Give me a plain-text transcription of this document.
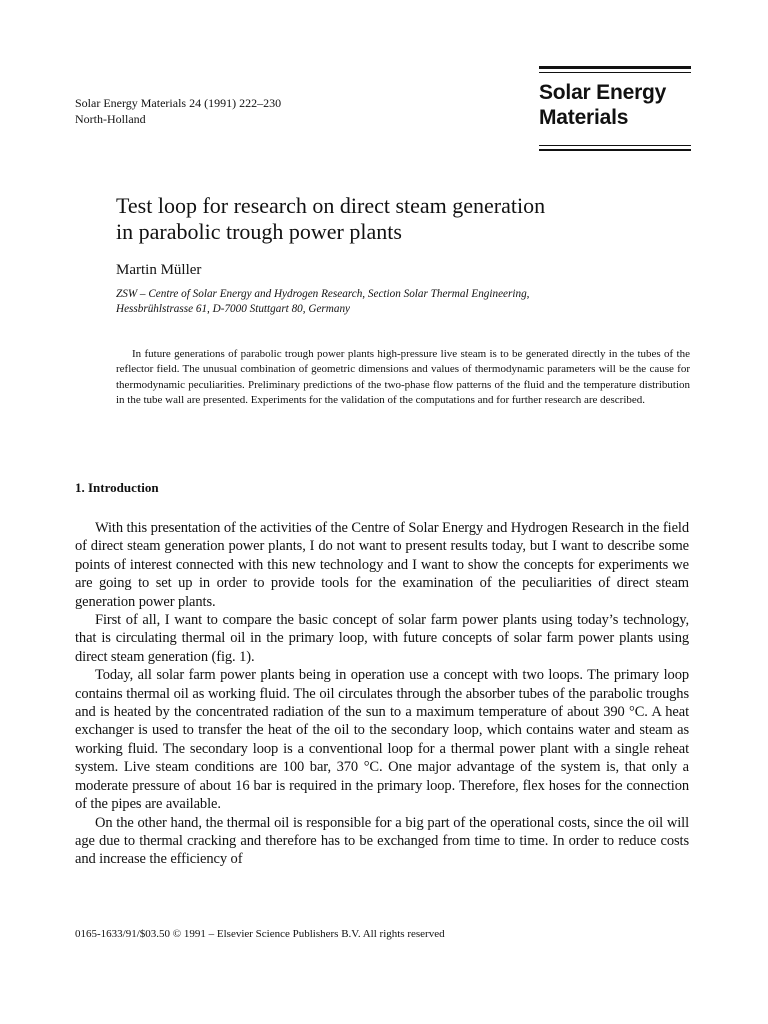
Solar Energy Materials 24 (1991) 222–230
North-Holland
Solar Energy
Materials
Test loop for research on direct steam generation
in parabolic trough power plants
Martin Müller
ZSW – Centre of Solar Energy and Hydrogen Research, Section Solar Thermal Engineering,
Hessbrühlstrasse 61, D-7000 Stuttgart 80, Germany

In future generations of parabolic trough power plants high-pressure live steam is to be generated directly in the tubes of the reflector field. The unusual combination of geometric dimensions and values of thermodynamic parameters will be the cause for thermodynamic peculiarities. Preliminary predictions of the two-phase flow patterns of the fluid and the temperature distribution in the tube wall are presented. Experiments for the validation of the computations and for further research are described.

1. Introduction

With this presentation of the activities of the Centre of Solar Energy and Hydrogen Research in the field of direct steam generation power plants, I do not want to present results today, but I want to describe some points of interest connected with this new technology and I want to show the concepts for experiments we are going to set up in order to provide tools for the examination of the peculiarities of direct steam generation power plants.

First of all, I want to compare the basic concept of solar farm power plants using today’s technology, that is circulating thermal oil in the primary loop, with future concepts of solar farm power plants using direct steam generation (fig. 1).

Today, all solar farm power plants being in operation use a concept with two loops. The primary loop contains thermal oil as working fluid. The oil circulates through the absorber tubes of the parabolic troughs and is heated by the concentrated radiation of the sun to a maximum temperature of about 390 °C. A heat exchanger is used to transfer the heat of the oil to the secondary loop, which contains water and steam as working fluid. The secondary loop is a conventional loop for a thermal power plant with a single reheat system. Live steam conditions are 100 bar, 370 °C. One major advantage of the system is, that only a moderate pressure of about 16 bar is required in the primary loop. Therefore, flex hoses for the connection of the pipes are available.

On the other hand, the thermal oil is responsible for a big part of the operational costs, since the oil will age due to thermal cracking and therefore has to be exchanged from time to time. In order to reduce costs and increase the efficiency of

0165-1633/91/$03.50 © 1991 – Elsevier Science Publishers B.V. All rights reserved
